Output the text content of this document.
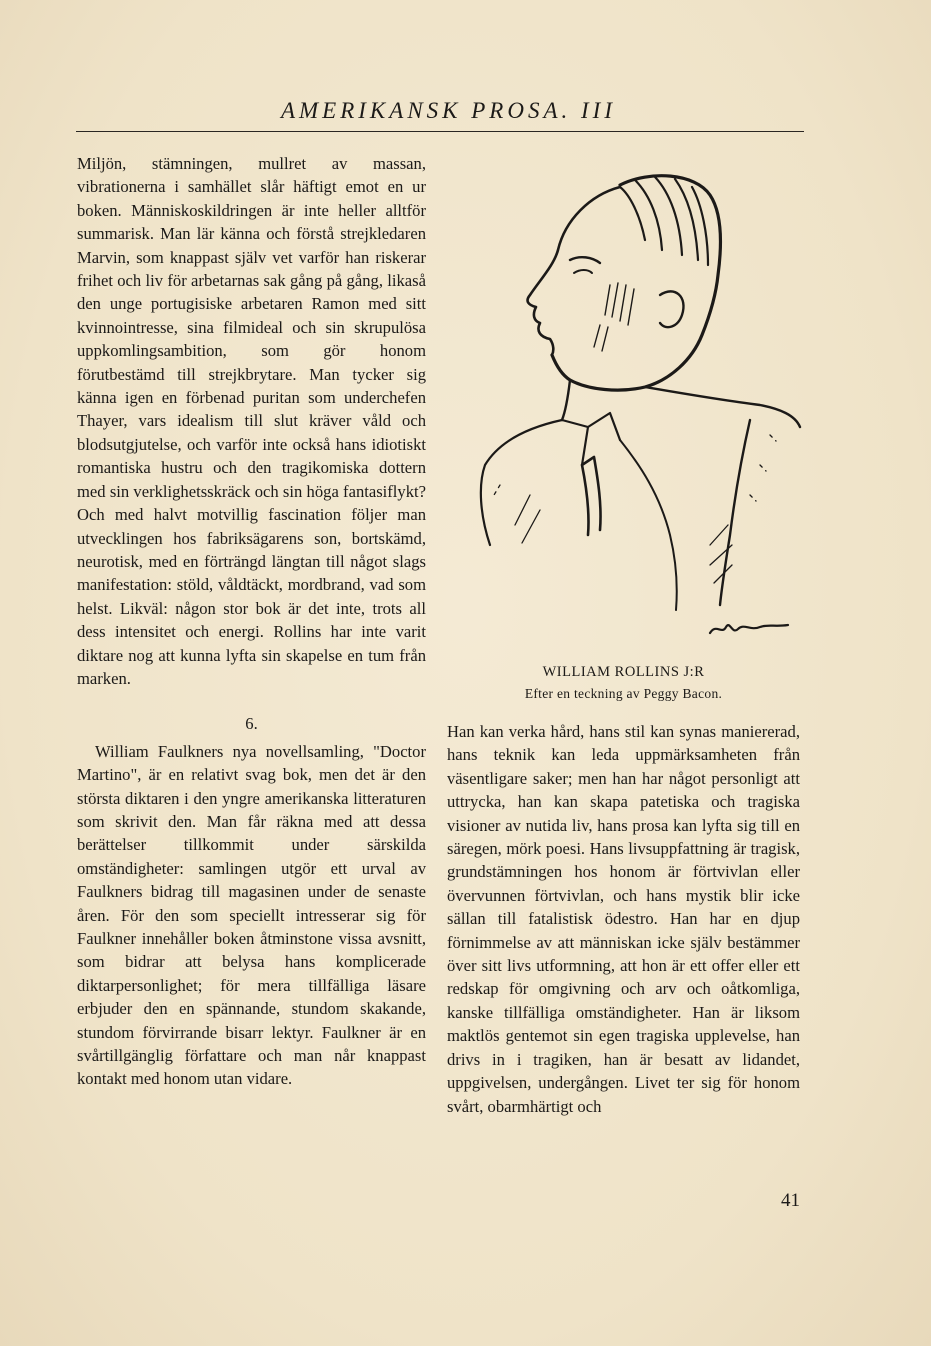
AMERIKANSK PROSA. III

Miljön, stämningen, mullret av massan, vibrationerna i samhället slår häftigt emot en ur boken. Människoskildringen är inte heller alltför summarisk. Man lär känna och förstå strejkledaren Marvin, som knappast själv vet varför han riskerar frihet och liv för arbetarnas sak gång på gång, likaså den unge portugisiske arbetaren Ramon med sitt kvinnointresse, sina filmideal och sin skrupulösa uppkomlingsambition, som gör honom förutbestämd till strejkbrytare. Man tycker sig känna igen en förbenad puritan som underchefen Thayer, vars idealism till slut kräver våld och blodsutgjutelse, och varför inte också hans idiotiskt romantiska hustru och den tragikomiska dottern med sin verklighetsskräck och sin höga fantasiflykt? Och med halvt motvillig fascination följer man utvecklingen hos fabriksägarens son, bortskämd, neurotisk, med en förträngd längtan till något slags manifestation: stöld, våldtäckt, mordbrand, vad som helst. Likväl: någon stor bok är det inte, trots all dess intensitet och energi. Rollins har inte varit diktare nog att kunna lyfta sin skapelse en tum från marken.

6.

William Faulkners nya novellsamling, "Doctor Martino", är en relativt svag bok, men det är den största diktaren i den yngre amerikanska litteraturen som skrivit den. Man får räkna med att dessa berättelser tillkommit under särskilda omständigheter: samlingen utgör ett urval av Faulkners bidrag till magasinen under de senaste åren. För den som speciellt intresserar sig för Faulkner innehåller boken åtminstone vissa avsnitt, som bidrar att belysa hans komplicerade diktarpersonlighet; för mera tillfälliga läsare erbjuder den en spännande, stundom skakande, stundom förvirrande bisarr lektyr. Faulkner är en svårtillgänglig författare och man når knappast kontakt med honom utan vidare.

WILLIAM ROLLINS J:R
Efter en teckning av Peggy Bacon.

Han kan verka hård, hans stil kan synas maniererad, hans teknik kan leda uppmärksamheten från väsentligare saker; men han har något personligt att uttrycka, han kan skapa patetiska och tragiska visioner av nutida liv, hans prosa kan lyfta sig till en säregen, mörk poesi. Hans livsuppfattning är tragisk, grundstämningen hos honom är förtvivlan eller övervunnen förtvivlan, och hans mystik blir icke sällan till fatalistisk ödestro. Han har en djup förnimmelse av att människan icke själv bestämmer över sitt livs utformning, att hon är ett offer eller ett redskap för omgivning och arv och oåtkomliga, kanske tillfälliga omständigheter. Han är liksom maktlös gentemot sin egen tragiska upplevelse, han drivs in i tragiken, han är besatt av lidandet, uppgivelsen, undergången. Livet ter sig för honom svårt, obarmhärtigt och

41
